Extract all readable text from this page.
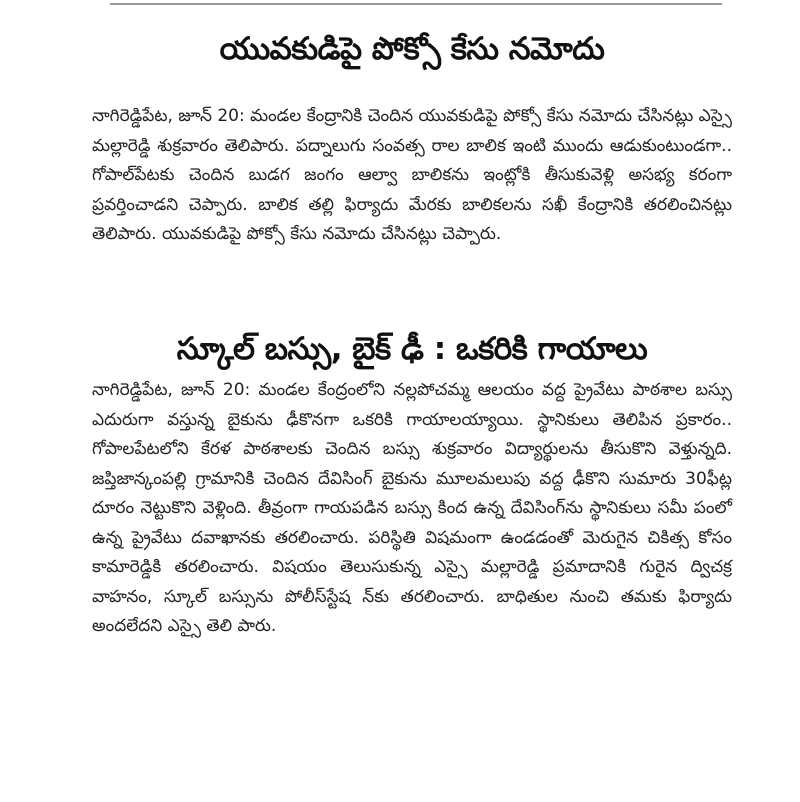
యువకుడిపై పోక్సో కేసు నమోదు

నాగిరెడ్డిపేట, జూన్ 20: మండల కేంద్రానికి చెందిన యువకుడిపై పోక్సో కేసు నమోదు చేసినట్లు ఎస్సై మల్లారెడ్డి శుక్రవారం తెలిపారు. పద్నాలుగు సంవత్స రాల బాలిక ఇంటి ముందు ఆడుకుంటుండగా.. గోపాల్‌పేటకు చెందిన బుడగ జంగం ఆల్వా బాలికను ఇంట్లోకి తీసుకువెళ్లి అసభ్య కరంగా ప్రవర్తించాడని చెప్పారు. బాలిక తల్లి ఫిర్యాదు మేరకు బాలికలను సఖీ కేంద్రానికి తరలించినట్లు తెలిపారు. యువకుడిపై పోక్సో కేసు నమోదు చేసినట్లు చెప్పారు.

స్కూల్ బస్సు, బైక్ ఢీ : ఒకరికి గాయాలు

నాగిరెడ్డిపేట, జూన్ 20: మండల కేంద్రంలోని నల్లపోచమ్మ ఆలయం వద్ద ప్రైవేటు పాఠశాల బస్సు ఎదురుగా వస్తున్న బైకును ఢీకొనగా ఒకరికి గాయాలయ్యాయి. స్థానికులు తెలిపిన ప్రకారం.. గోపాలపేటలోని కేరళ పాఠశాలకు చెందిన బస్సు శుక్రవారం విద్యార్థులను తీసుకొని వెళ్తున్నది. జప్తిజాన్కంపల్లి గ్రామానికి చెందిన దేవిసింగ్ బైకును మూలమలుపు వద్ద ఢీకొని సుమారు 30ఫీట్ల దూరం నెట్టుకొని వెళ్లింది. తీవ్రంగా గాయపడిన బస్సు కింద ఉన్న దేవిసింగ్‌ను స్థానికులు సమీ పంలో ఉన్న ప్రైవేటు దవాఖానకు తరలించారు. పరిస్థితి విషమంగా ఉండడంతో మెరుగైన చికిత్స కోసం కామారెడ్డికి తరలించారు. విషయం తెలుసుకున్న ఎస్సై మల్లారెడ్డి ప్రమాదానికి గురైన ద్విచక్ర వాహనం, స్కూల్ బస్సును పోలీస్‌స్టేష న్‌కు తరలించారు. బాధితుల నుంచి తమకు ఫిర్యాదు అందలేదని ఎస్సై తెలి పారు.
